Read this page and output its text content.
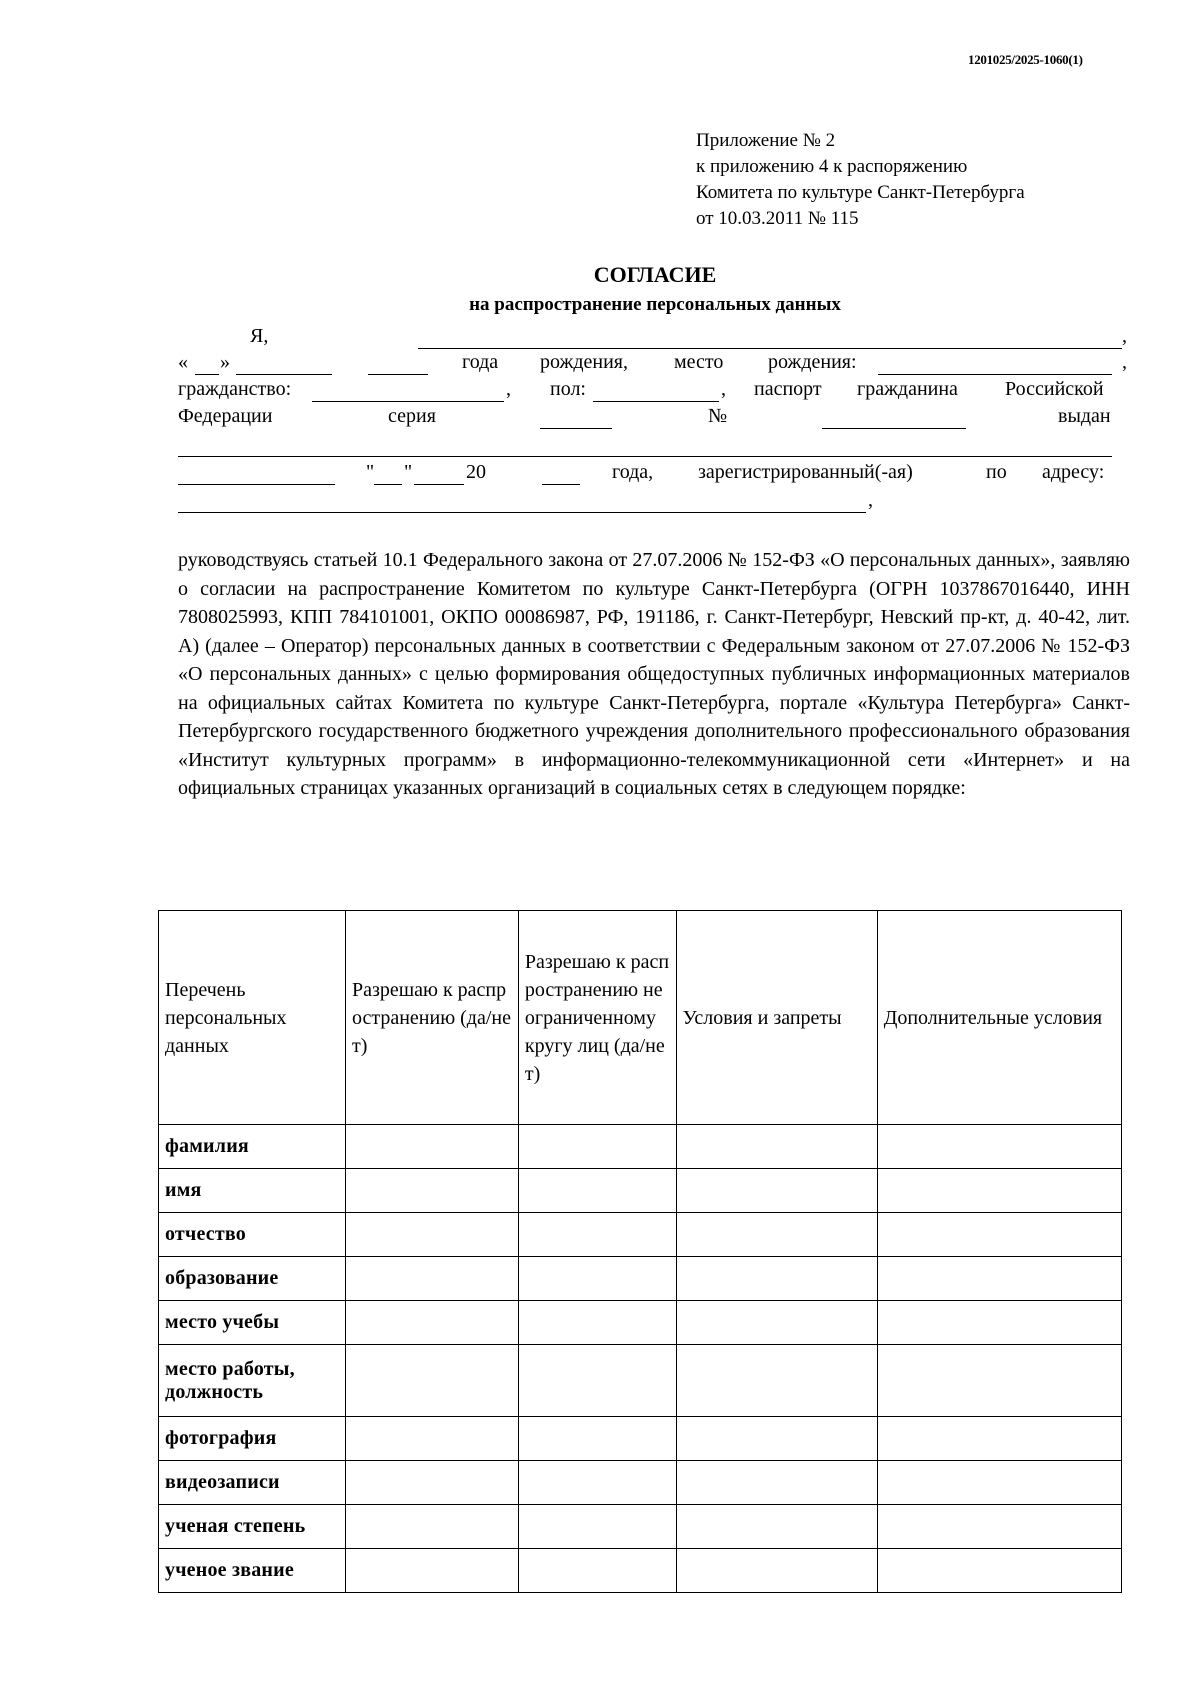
1201025/2025-1060(1)
Приложение № 2
к приложению 4 к распоряжению
Комитета по культуре Санкт-Петербурга
от 10.03.2011 № 115
СОГЛАСИЕ
на распространение персональных данных
Я,	,
« »	года рождения, место рождения:	,
гражданство:	, пол:	, паспорт гражданина Российской
Федерации	серия	№	выдан
" "	20	года, зарегистрированный(-ая)	по адресу:
,

руководствуясь статьей 10.1 Федерального закона от 27.07.2006 № 152-ФЗ «О персональных данных», заявляю о согласии на распространение Комитетом по культуре Санкт-Петербурга (ОГРН 1037867016440, ИНН 7808025993, КПП 784101001, ОКПО 00086987, РФ, 191186, г. Санкт-Петербург, Невский пр-кт, д. 40-42, лит. А) (далее – Оператор) персональных данных в соответствии с Федеральным законом от 27.07.2006 № 152-ФЗ «О персональных данных» с целью формирования общедоступных публичных информационных материалов на официальных сайтах Комитета по культуре Санкт-Петербурга, портале «Культура Петербурга» Санкт-Петербургского государственного бюджетного учреждения дополнительного профессионального образования «Институт культурных программ» в информационно-телекоммуникационной сети «Интернет» и на официальных страницах указанных организаций в социальных сетях в следующем порядке:

Перечень персональных данных	Разрешаю к распространению (да/нет)	Разрешаю к распространению неограниченному кругу лиц (да/нет)	Условия и запреты	Дополнительные условия
фамилия				
имя				
отчество				
образование				
место учебы				
место работы, должность				
фотография				
видеозаписи				
ученая степень				
ученое звание				
